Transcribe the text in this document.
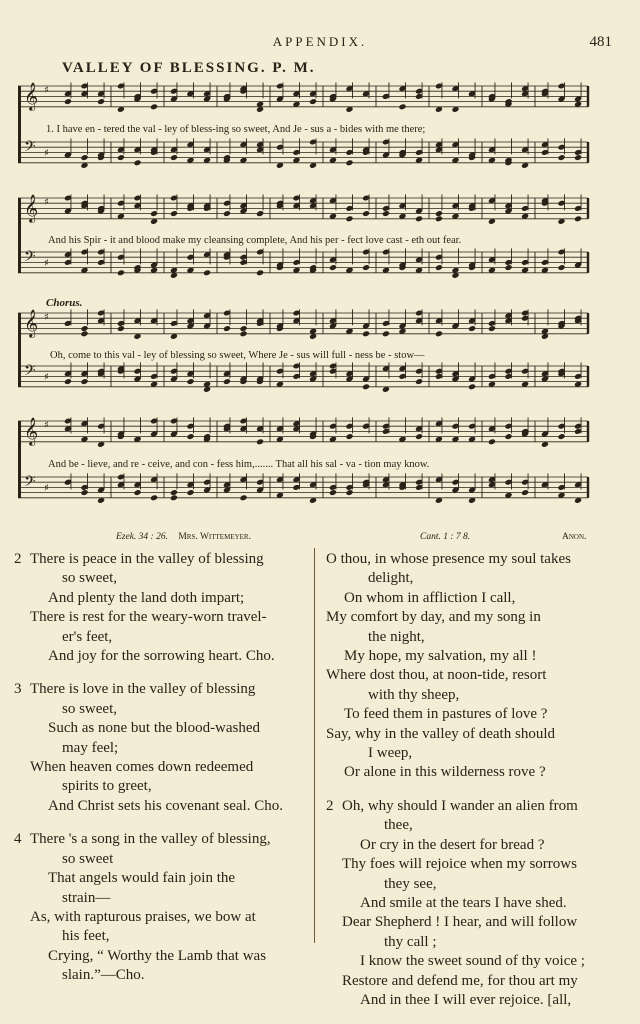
APPENDIX.	481
VALLEY OF BLESSING. P. M.
𝄞 ♯
𝄢 ♯
𝄞 ♯
𝄢 ♯
𝄞 ♯
𝄢 ♯
𝄞 ♯
𝄢 ♯
1. I have en - tered the val - ley of bless-ing so sweet, And Je - sus a - bides with me there;
And his Spir - it and blood make my cleansing complete, And his per - fect love cast - eth out fear.
Chorus.
Oh, come to this val - ley of blessing so sweet, Where Je - sus will full - ness be - stow—
And be - lieve, and re - ceive, and con - fess him,....... That all his sal - va - tion may know.
Ezek. 34 : 26. Mrs. Wittemeyer.	Cant. 1 : 7 8.	Anon.
2 There is peace in the valley of blessing
so sweet,
And plenty the land doth impart;
There is rest for the weary-worn travel-
er's feet,
And joy for the sorrowing heart. Cho.
3 There is love in the valley of blessing
so sweet,
Such as none but the blood-washed
may feel;
When heaven comes down redeemed
spirits to greet,
And Christ sets his covenant seal. Cho.
4 There 's a song in the valley of blessing,
so sweet
That angels would fain join the
strain—
As, with rapturous praises, we bow at
his feet,
Crying, “ Worthy the Lamb that was
slain.”—Cho.
O thou, in whose presence my soul takes
delight,
On whom in affliction I call,
My comfort by day, and my song in
the night,
My hope, my salvation, my all !
Where dost thou, at noon-tide, resort
with thy sheep,
To feed them in pastures of love ?
Say, why in the valley of death should
I weep,
Or alone in this wilderness rove ?
2 Oh, why should I wander an alien from
thee,
Or cry in the desert for bread ?
Thy foes will rejoice when my sorrows
they see,
And smile at the tears I have shed.
Dear Shepherd ! I hear, and will follow
thy call ;
I know the sweet sound of thy voice ;
Restore and defend me, for thou art my
And in thee I will ever rejoice. [all,
